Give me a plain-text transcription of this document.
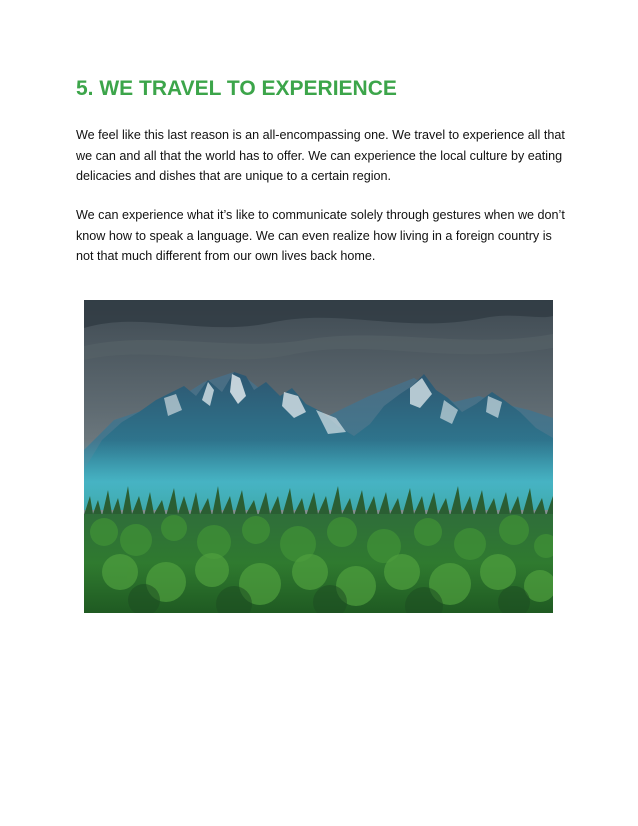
5. WE TRAVEL TO EXPERIENCE

We feel like this last reason is an all-encompassing one. We travel to experience all that
we can and all that the world has to offer. We can experience the local culture by eating
delicacies and dishes that are unique to a certain region.

We can experience what it’s like to communicate solely through gestures when we don’t
know how to speak a language. We can even realize how living in a foreign country is
not that much different from our own lives back home.
